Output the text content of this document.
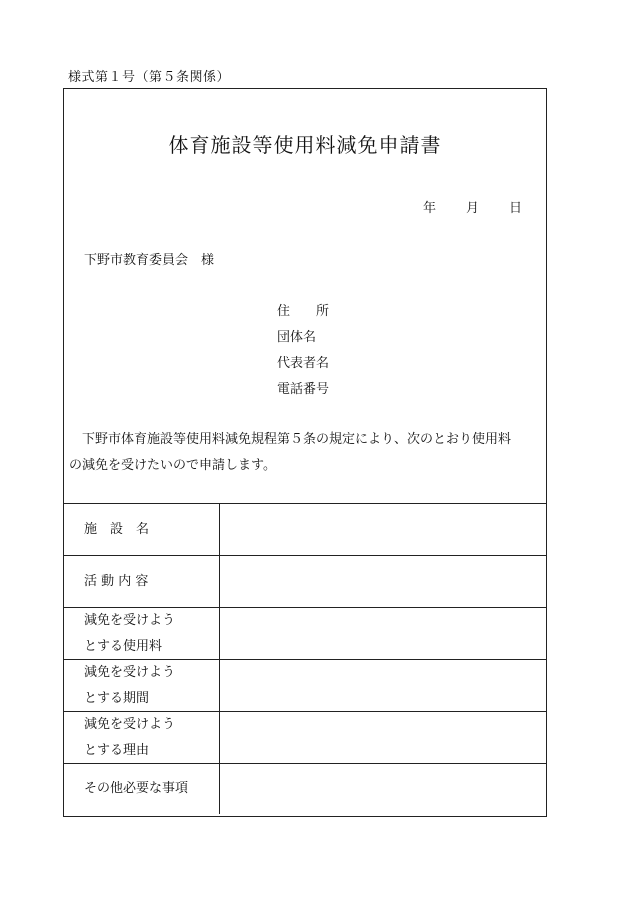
様式第１号（第５条関係）
体育施設等使用料減免申請書
年 月 日
下野市教育委員会　様
住　　所
団体名
代表者名
電話番号
下野市体育施設等使用料減免規程第５条の規定により、次のとおり使用料
の減免を受けたいので申請します。
施　設　名
活 動 内 容
減免を受けよう
とする使用料
減免を受けよう
とする期間
減免を受けよう
とする理由
その他必要な事項
